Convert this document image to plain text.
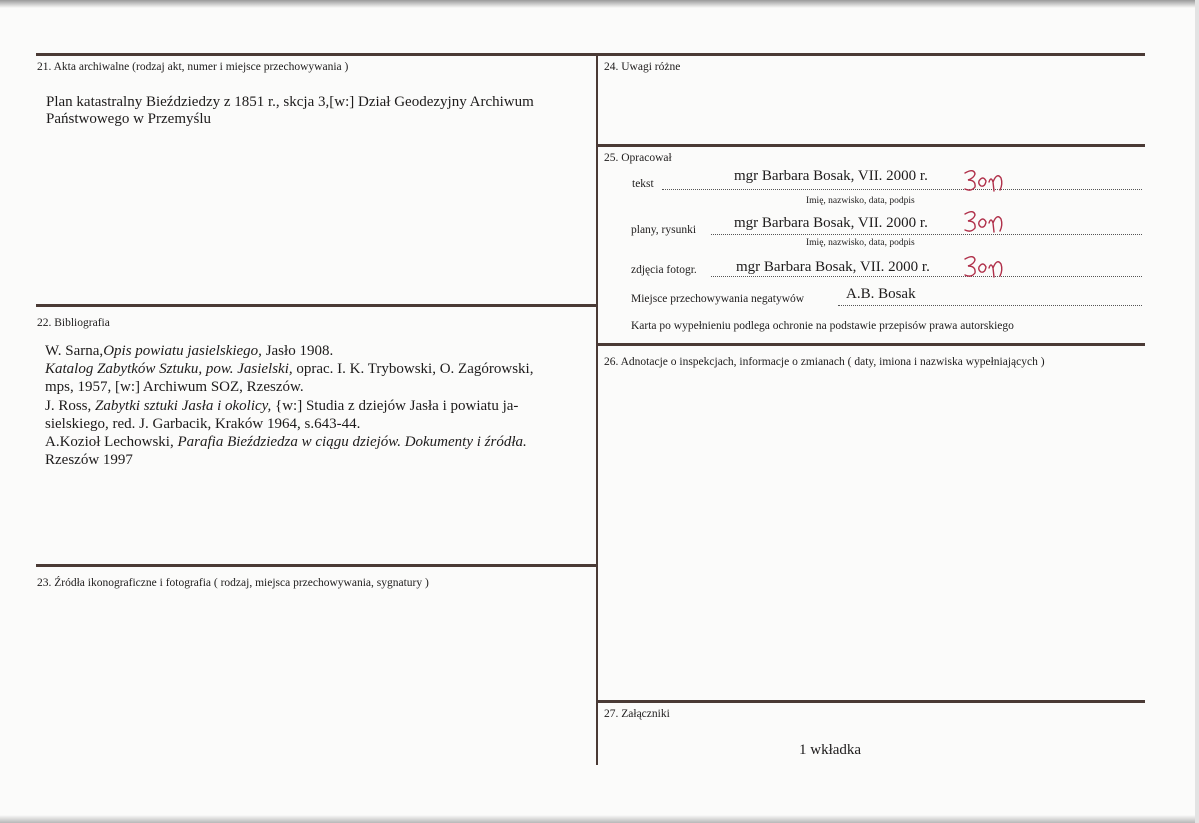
21. Akta archiwalne (rodzaj akt, numer i miejsce przechowywania )
Plan katastralny Bieździedzy z 1851 r., skcja 3,[w:] Dział Geodezyjny Archiwum
Państwowego w Przemyślu
22. Bibliografia
W. Sarna,Opis powiatu jasielskiego, Jasło 1908.
Katalog Zabytków Sztuku, pow. Jasielski, oprac. I. K. Trybowski, O. Zagórowski,
mps, 1957, [w:] Archiwum SOZ, Rzeszów.
J. Ross, Zabytki sztuki Jasła i okolicy, {w:] Studia z dziejów Jasła i powiatu ja-
sielskiego, red. J. Garbacik, Kraków 1964, s.643-44.
A.Kozioł Lechowski, Parafia Bieździedza w ciągu dziejów. Dokumenty i źródła.
Rzeszów 1997
23. Źródła ikonograficzne i fotografia ( rodzaj, miejsca przechowywania, sygnatury )
24. Uwagi różne
25. Opracował
tekst	mgr Barbara Bosak, VII. 2000 r.
Imię, nazwisko, data, podpis
plany, rysunki	mgr Barbara Bosak, VII. 2000 r.
Imię, nazwisko, data, podpis
zdjęcia fotogr.	mgr Barbara Bosak, VII. 2000 r.
Miejsce przechowywania negatywów	A.B. Bosak
Karta po wypełnieniu podlega ochronie na podstawie przepisów prawa autorskiego
26. Adnotacje o inspekcjach, informacje o zmianach ( daty, imiona i nazwiska wypełniających )
27. Załączniki
1 wkładka
